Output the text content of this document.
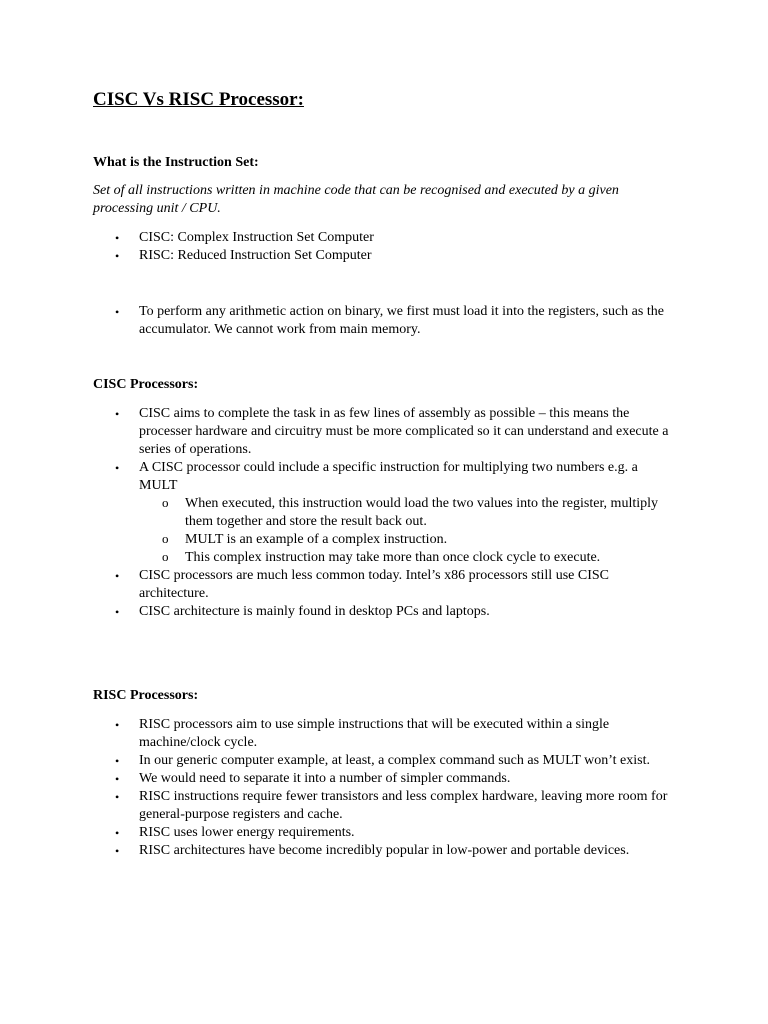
CISC Vs RISC Processor:

What is the Instruction Set:

Set of all instructions written in machine code that can be recognised and executed by a given processing unit / CPU.

• CISC: Complex Instruction Set Computer
• RISC: Reduced Instruction Set Computer
• To perform any arithmetic action on binary, we first must load it into the registers, such as the accumulator. We cannot work from main memory.

CISC Processors:

• CISC aims to complete the task in as few lines of assembly as possible – this means the processer hardware and circuitry must be more complicated so it can understand and execute a series of operations.
• A CISC processor could include a specific instruction for multiplying two numbers e.g. a MULT
o When executed, this instruction would load the two values into the register, multiply them together and store the result back out.
o MULT is an example of a complex instruction.
o This complex instruction may take more than once clock cycle to execute.
• CISC processors are much less common today. Intel’s x86 processors still use CISC architecture.
• CISC architecture is mainly found in desktop PCs and laptops.

RISC Processors:

• RISC processors aim to use simple instructions that will be executed within a single machine/clock cycle.
• In our generic computer example, at least, a complex command such as MULT won’t exist.
• We would need to separate it into a number of simpler commands.
• RISC instructions require fewer transistors and less complex hardware, leaving more room for general-purpose registers and cache.
• RISC uses lower energy requirements.
• RISC architectures have become incredibly popular in low-power and portable devices.
